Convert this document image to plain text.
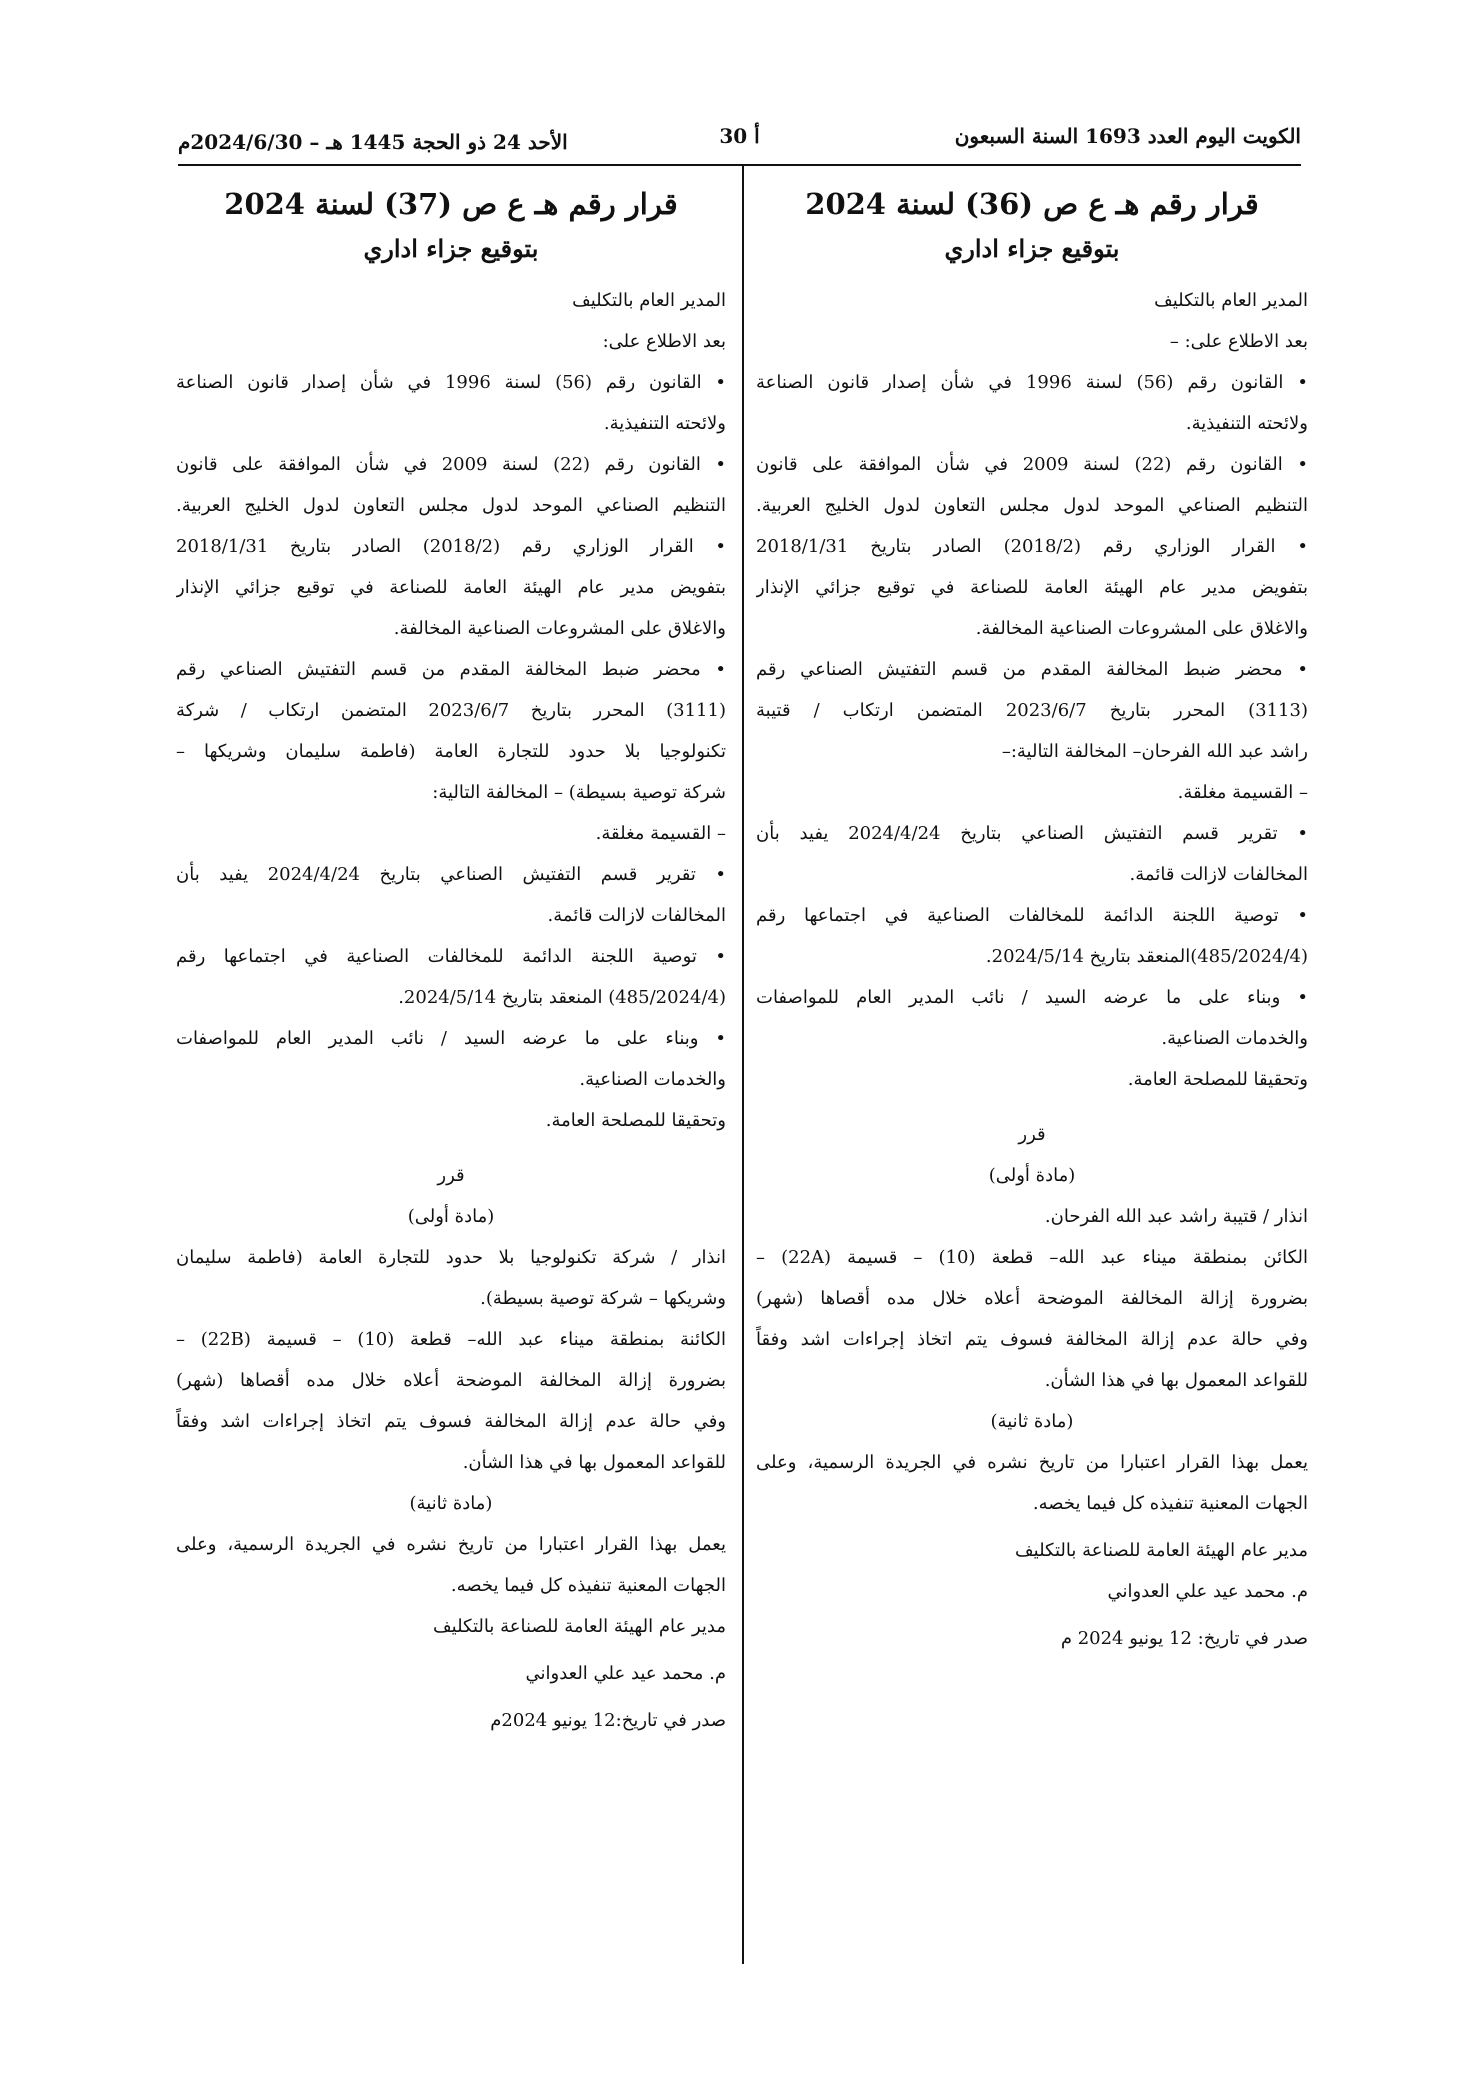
الكويت اليوم العدد 1693 السنة السبعون
أ 30
الأحد 24 ذو الحجة 1445 هـ – 2024/6/30م
قرار رقم هـ ع ص (36) لسنة 2024
بتوقيع جزاء اداري
المدير العام بالتكليف
بعد الاطلاع على: –
• القانون رقم (56) لسنة 1996 في شأن إصدار قانون الصناعة
ولائحته التنفيذية.
• القانون رقم (22) لسنة 2009 في شأن الموافقة على قانون
التنظيم الصناعي الموحد لدول مجلس التعاون لدول الخليج العربية.
• القرار الوزاري رقم (2018/2) الصادر بتاريخ 2018/1/31
بتفويض مدير عام الهيئة العامة للصناعة في توقيع جزائي الإنذار
والاغلاق على المشروعات الصناعية المخالفة.
• محضر ضبط المخالفة المقدم من قسم التفتيش الصناعي رقم
(3113) المحرر بتاريخ 2023/6/7 المتضمن ارتكاب / قتيبة
راشد عبد الله الفرحان– المخالفة التالية:–
– القسيمة مغلقة.
• تقرير قسم التفتيش الصناعي بتاريخ 2024/4/24 يفيد بأن
المخالفات لازالت قائمة.
• توصية اللجنة الدائمة للمخالفات الصناعية في اجتماعها رقم
(485/2024/4)المنعقد بتاريخ 2024/5/14.
• وبناء على ما عرضه السيد / نائب المدير العام للمواصفات
والخدمات الصناعية.
وتحقيقا للمصلحة العامة.
قرر
(مادة أولى)
انذار / قتيبة راشد عبد الله الفرحان.
الكائن بمنطقة ميناء عبد الله– قطعة (10) – قسيمة (22A) –
بضرورة إزالة المخالفة الموضحة أعلاه خلال مده أقصاها (شهر)
وفي حالة عدم إزالة المخالفة فسوف يتم اتخاذ إجراءات اشد وفقاً
للقواعد المعمول بها في هذا الشأن.
(مادة ثانية)
يعمل بهذا القرار اعتبارا من تاريخ نشره في الجريدة الرسمية، وعلى
الجهات المعنية تنفيذه كل فيما يخصه.
مدير عام الهيئة العامة للصناعة بالتكليف
م. محمد عيد علي العدواني
صدر في تاريخ: 12 يونيو 2024 م
قرار رقم هـ ع ص (37) لسنة 2024
بتوقيع جزاء اداري
المدير العام بالتكليف
بعد الاطلاع على:
• القانون رقم (56) لسنة 1996 في شأن إصدار قانون الصناعة
ولائحته التنفيذية.
• القانون رقم (22) لسنة 2009 في شأن الموافقة على قانون
التنظيم الصناعي الموحد لدول مجلس التعاون لدول الخليج العربية.
• القرار الوزاري رقم (2018/2) الصادر بتاريخ 2018/1/31
بتفويض مدير عام الهيئة العامة للصناعة في توقيع جزائي الإنذار
والاغلاق على المشروعات الصناعية المخالفة.
• محضر ضبط المخالفة المقدم من قسم التفتيش الصناعي رقم
(3111) المحرر بتاريخ 2023/6/7 المتضمن ارتكاب / شركة
تكنولوجيا بلا حدود للتجارة العامة (فاطمة سليمان وشريكها –
شركة توصية بسيطة) – المخالفة التالية:
– القسيمة مغلقة.
• تقرير قسم التفتيش الصناعي بتاريخ 2024/4/24 يفيد بأن
المخالفات لازالت قائمة.
• توصية اللجنة الدائمة للمخالفات الصناعية في اجتماعها رقم
(485/2024/4) المنعقد بتاريخ 2024/5/14.
• وبناء على ما عرضه السيد / نائب المدير العام للمواصفات
والخدمات الصناعية.
وتحقيقا للمصلحة العامة.
قرر
(مادة أولى)
انذار / شركة تكنولوجيا بلا حدود للتجارة العامة (فاطمة سليمان
وشريكها – شركة توصية بسيطة).
الكائنة بمنطقة ميناء عبد الله– قطعة (10) – قسيمة (22B) –
بضرورة إزالة المخالفة الموضحة أعلاه خلال مده أقصاها (شهر)
وفي حالة عدم إزالة المخالفة فسوف يتم اتخاذ إجراءات اشد وفقاً
للقواعد المعمول بها في هذا الشأن.
(مادة ثانية)
يعمل بهذا القرار اعتبارا من تاريخ نشره في الجريدة الرسمية، وعلى
الجهات المعنية تنفيذه كل فيما يخصه.
مدير عام الهيئة العامة للصناعة بالتكليف
م. محمد عيد علي العدواني
صدر في تاريخ:12 يونيو 2024م
